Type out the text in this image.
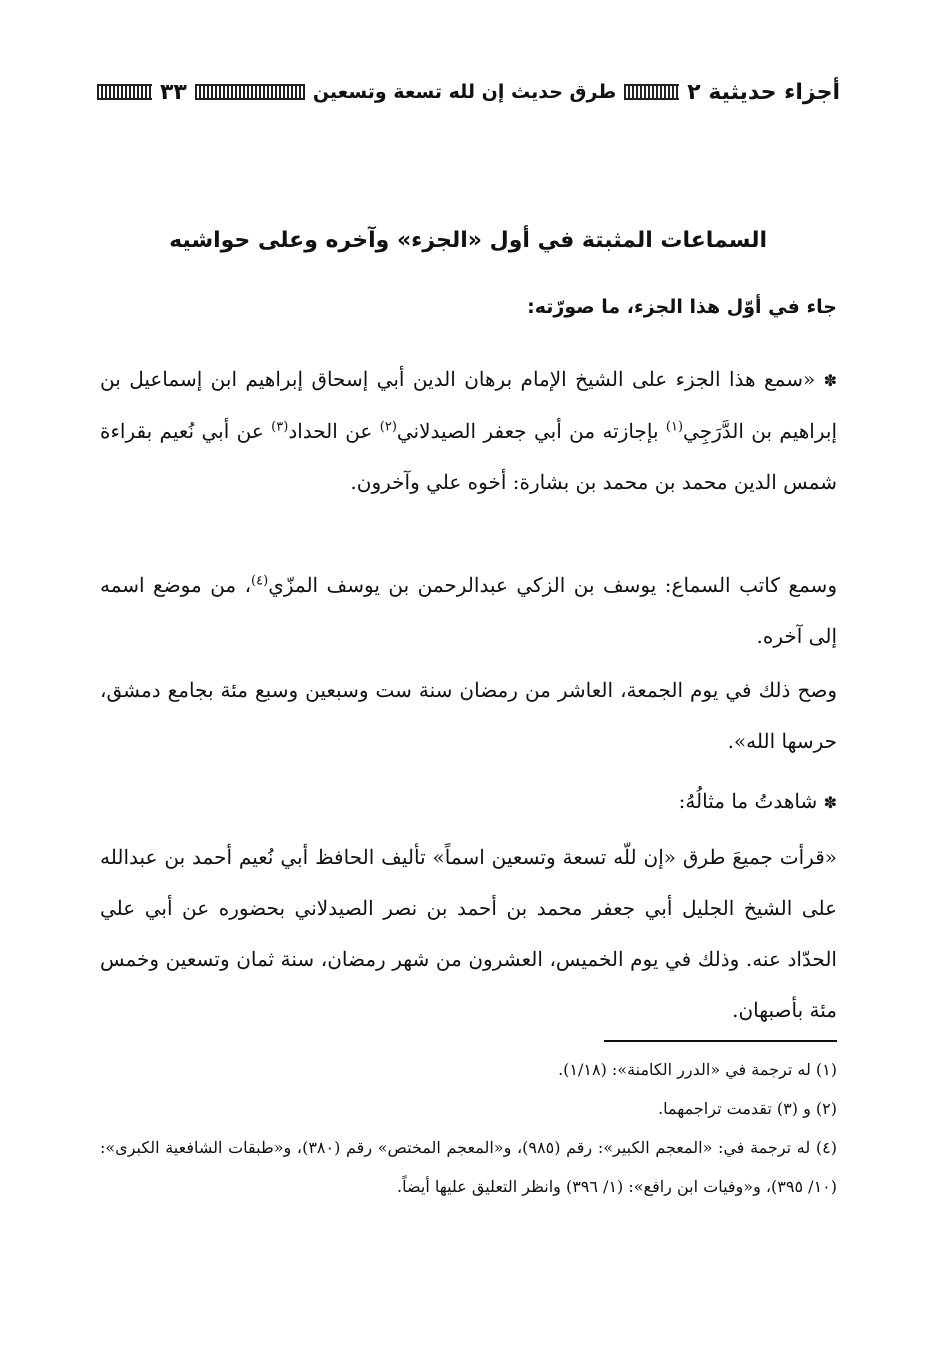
أجزاء حديثية ٢
طرق حديث إن لله تسعة وتسعين
٣٣
السماعات المثبتة في أول «الجزء» وآخره وعلى حواشيه
جاء في أوّل هذا الجزء، ما صورّته:
✽ «سمع هذا الجزء على الشيخ الإمام برهان الدين أبي إسحاق إبراهيم ابن إسماعيل بن إبراهيم بن الدَّرَجِي$^{(١)}$ بإجازته من أبي جعفر الصيدلاني$^{(٢)}$ عن الحداد$^{(٣)}$ عن أبي نُعيم بقراءة شمس الدين محمد بن محمد بن بشارة: أخوه علي وآخرون.
وسمع كاتب السماع: يوسف بن الزكي عبدالرحمن بن يوسف المزّي$^{(٤)}$، من موضع اسمه إلى آخره.
وصح ذلك في يوم الجمعة، العاشر من رمضان سنة ست وسبعين وسبع مئة بجامع دمشق، حرسها الله».
✽ شاهدتُ ما مثالُهُ:
«قرأت جميعَ طرق «إن للّه تسعة وتسعين اسماً» تأليف الحافظ أبي نُعيم أحمد بن عبدالله على الشيخ الجليل أبي جعفر محمد بن أحمد بن نصر الصيدلاني بحضوره عن أبي علي الحدّاد عنه. وذلك في يوم الخميس، العشرون من شهر رمضان، سنة ثمان وتسعين وخمس مئة بأصبهان.

(١) له ترجمة في «الدرر الكامنة»: (١/١٨).

(٢) و (٣) تقدمت تراجمهما.

(٤) له ترجمة في: «المعجم الكبير»: رقم (٩٨٥)، و«المعجم المختص» رقم (٣٨٠)، و«طبقات الشافعية الكبرى»: (١٠/ ٣٩٥)، و«وفيات ابن رافع»: (١/ ٣٩٦) وانظر التعليق عليها أيضاً.
